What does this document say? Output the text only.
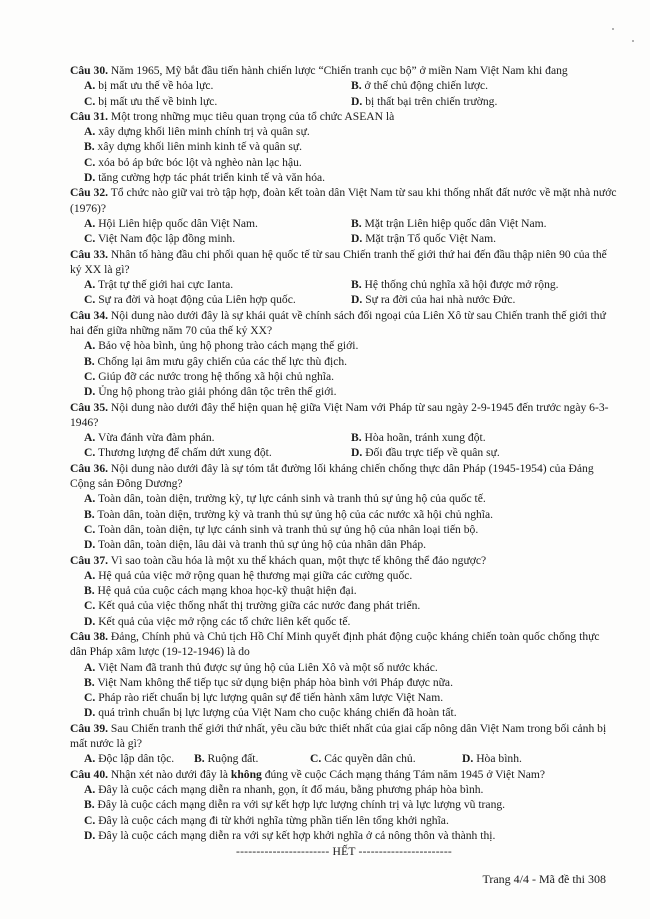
Câu 30. Năm 1965, Mỹ bắt đầu tiến hành chiến lược “Chiến tranh cục bộ” ở miền Nam Việt Nam khi đang

A. bị mất ưu thế về hỏa lực.	B. ở thế chủ động chiến lược.
C. bị mất ưu thế về binh lực.	D. bị thất bại trên chiến trường.

Câu 31. Một trong những mục tiêu quan trọng của tổ chức ASEAN là

A. xây dựng khối liên minh chính trị và quân sự.
B. xây dựng khối liên minh kinh tế và quân sự.
C. xóa bỏ áp bức bóc lột và nghèo nàn lạc hậu.
D. tăng cường hợp tác phát triển kinh tế và văn hóa.

Câu 32. Tổ chức nào giữ vai trò tập hợp, đoàn kết toàn dân Việt Nam từ sau khi thống nhất đất nước về mặt nhà nước (1976)?

A. Hội Liên hiệp quốc dân Việt Nam.	B. Mặt trận Liên hiệp quốc dân Việt Nam.
C. Việt Nam độc lập đồng minh.	D. Mặt trận Tổ quốc Việt Nam.

Câu 33. Nhân tố hàng đầu chi phối quan hệ quốc tế từ sau Chiến tranh thế giới thứ hai đến đầu thập niên 90 của thế kỷ XX là gì?

A. Trật tự thế giới hai cực Ianta.	B. Hệ thống chủ nghĩa xã hội được mở rộng.
C. Sự ra đời và hoạt động của Liên hợp quốc.	D. Sự ra đời của hai nhà nước Đức.

Câu 34. Nội dung nào dưới đây là sự khái quát về chính sách đối ngoại của Liên Xô từ sau Chiến tranh thế giới thứ hai đến giữa những năm 70 của thế kỷ XX?

A. Bảo vệ hòa bình, ủng hộ phong trào cách mạng thế giới.
B. Chống lại âm mưu gây chiến của các thế lực thù địch.
C. Giúp đỡ các nước trong hệ thống xã hội chủ nghĩa.
D. Ủng hộ phong trào giải phóng dân tộc trên thế giới.

Câu 35. Nội dung nào dưới đây thể hiện quan hệ giữa Việt Nam với Pháp từ sau ngày 2-9-1945 đến trước ngày 6-3-1946?

A. Vừa đánh vừa đàm phán.	B. Hòa hoãn, tránh xung đột.
C. Thương lượng để chấm dứt xung đột.	D. Đối đầu trực tiếp về quân sự.

Câu 36. Nội dung nào dưới đây là sự tóm tắt đường lối kháng chiến chống thực dân Pháp (1945-1954) của Đảng Cộng sản Đông Dương?

A. Toàn dân, toàn diện, trường kỳ, tự lực cánh sinh và tranh thủ sự ủng hộ của quốc tế.
B. Toàn dân, toàn diện, trường kỳ và tranh thủ sự ủng hộ của các nước xã hội chủ nghĩa.
C. Toàn dân, toàn diện, tự lực cánh sinh và tranh thủ sự ủng hộ của nhân loại tiến bộ.
D. Toàn dân, toàn diện, lâu dài và tranh thủ sự ủng hộ của nhân dân Pháp.

Câu 37. Vì sao toàn cầu hóa là một xu thế khách quan, một thực tế không thể đảo ngược?

A. Hệ quả của việc mở rộng quan hệ thương mại giữa các cường quốc.
B. Hệ quả của cuộc cách mạng khoa học-kỹ thuật hiện đại.
C. Kết quả của việc thống nhất thị trường giữa các nước đang phát triển.
D. Kết quả của việc mở rộng các tổ chức liên kết quốc tế.

Câu 38. Đảng, Chính phủ và Chủ tịch Hồ Chí Minh quyết định phát động cuộc kháng chiến toàn quốc chống thực dân Pháp xâm lược (19-12-1946) là do

A. Việt Nam đã tranh thủ được sự ủng hộ của Liên Xô và một số nước khác.
B. Việt Nam không thể tiếp tục sử dụng biện pháp hòa bình với Pháp được nữa.
C. Pháp rào riết chuẩn bị lực lượng quân sự để tiến hành xâm lược Việt Nam.
D. quá trình chuẩn bị lực lượng của Việt Nam cho cuộc kháng chiến đã hoàn tất.

Câu 39. Sau Chiến tranh thế giới thứ nhất, yêu cầu bức thiết nhất của giai cấp nông dân Việt Nam trong bối cảnh bị mất nước là gì?

A. Độc lập dân tộc.	B. Ruộng đất.	C. Các quyền dân chủ.	D. Hòa bình.

Câu 40. Nhận xét nào dưới đây là không đúng về cuộc Cách mạng tháng Tám năm 1945 ở Việt Nam?

A. Đây là cuộc cách mạng diễn ra nhanh, gọn, ít đổ máu, bằng phương pháp hòa bình.
B. Đây là cuộc cách mạng diễn ra với sự kết hợp lực lượng chính trị và lực lượng vũ trang.
C. Đây là cuộc cách mạng đi từ khởi nghĩa từng phần tiến lên tổng khởi nghĩa.
D. Đây là cuộc cách mạng diễn ra với sự kết hợp khởi nghĩa ở cả nông thôn và thành thị.
----------------------- HẾT -----------------------
Trang 4/4 - Mã đề thi 308
